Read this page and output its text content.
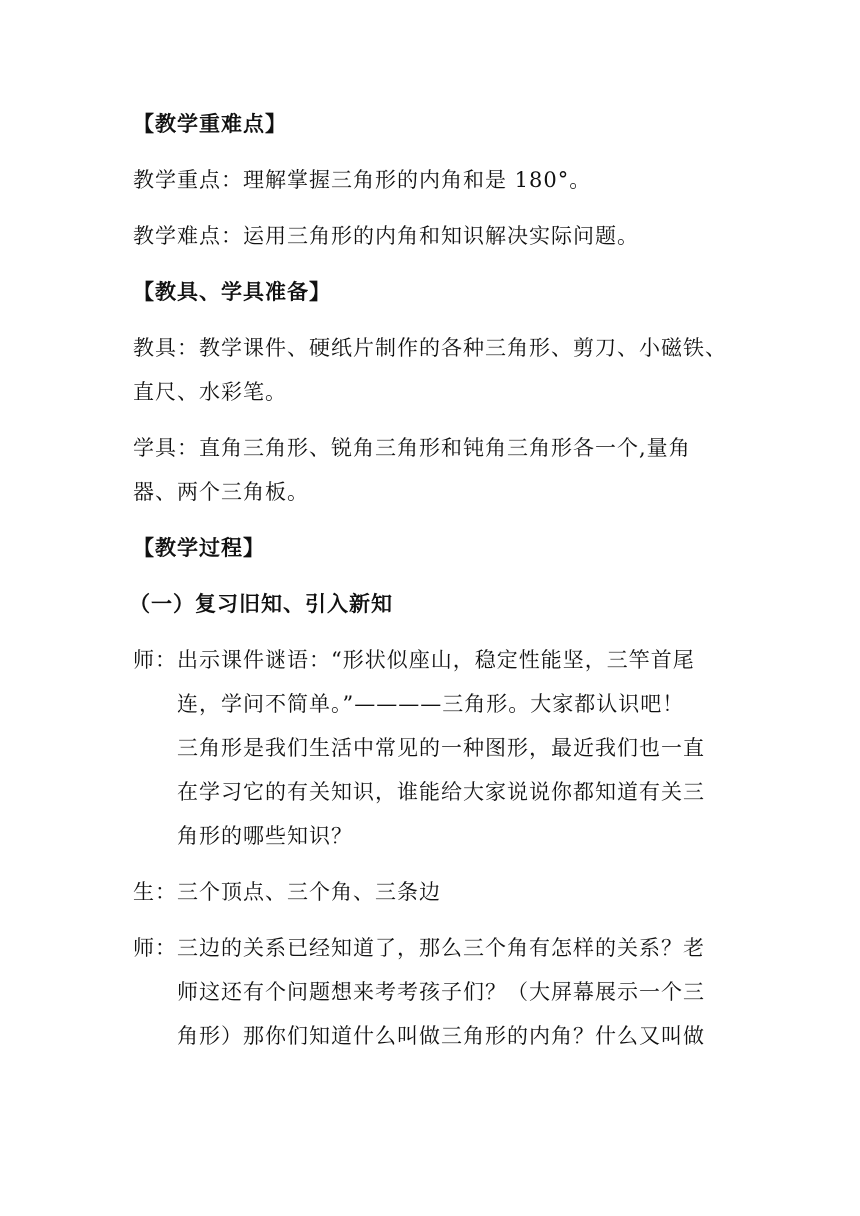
【教学重难点】
教学重点：理解掌握三角形的内角和是 180°。
教学难点：运用三角形的内角和知识解决实际问题。
【教具、学具准备】
教具：教学课件、硬纸片制作的各种三角形、剪刀、小磁铁、
直尺、水彩笔。
学具：直角三角形、锐角三角形和钝角三角形各一个,量角
器、两个三角板。
【教学过程】
（一）复习旧知、引入新知
师：出示课件谜语：“形状似座山，稳定性能坚，三竿首尾
连，学问不简单。”————三角形。大家都认识吧！
三角形是我们生活中常见的一种图形，最近我们也一直
在学习它的有关知识，谁能给大家说说你都知道有关三
角形的哪些知识？
生：三个顶点、三个角、三条边
师：三边的关系已经知道了，那么三个角有怎样的关系？老
师这还有个问题想来考考孩子们？（大屏幕展示一个三
角形）那你们知道什么叫做三角形的内角？什么又叫做
